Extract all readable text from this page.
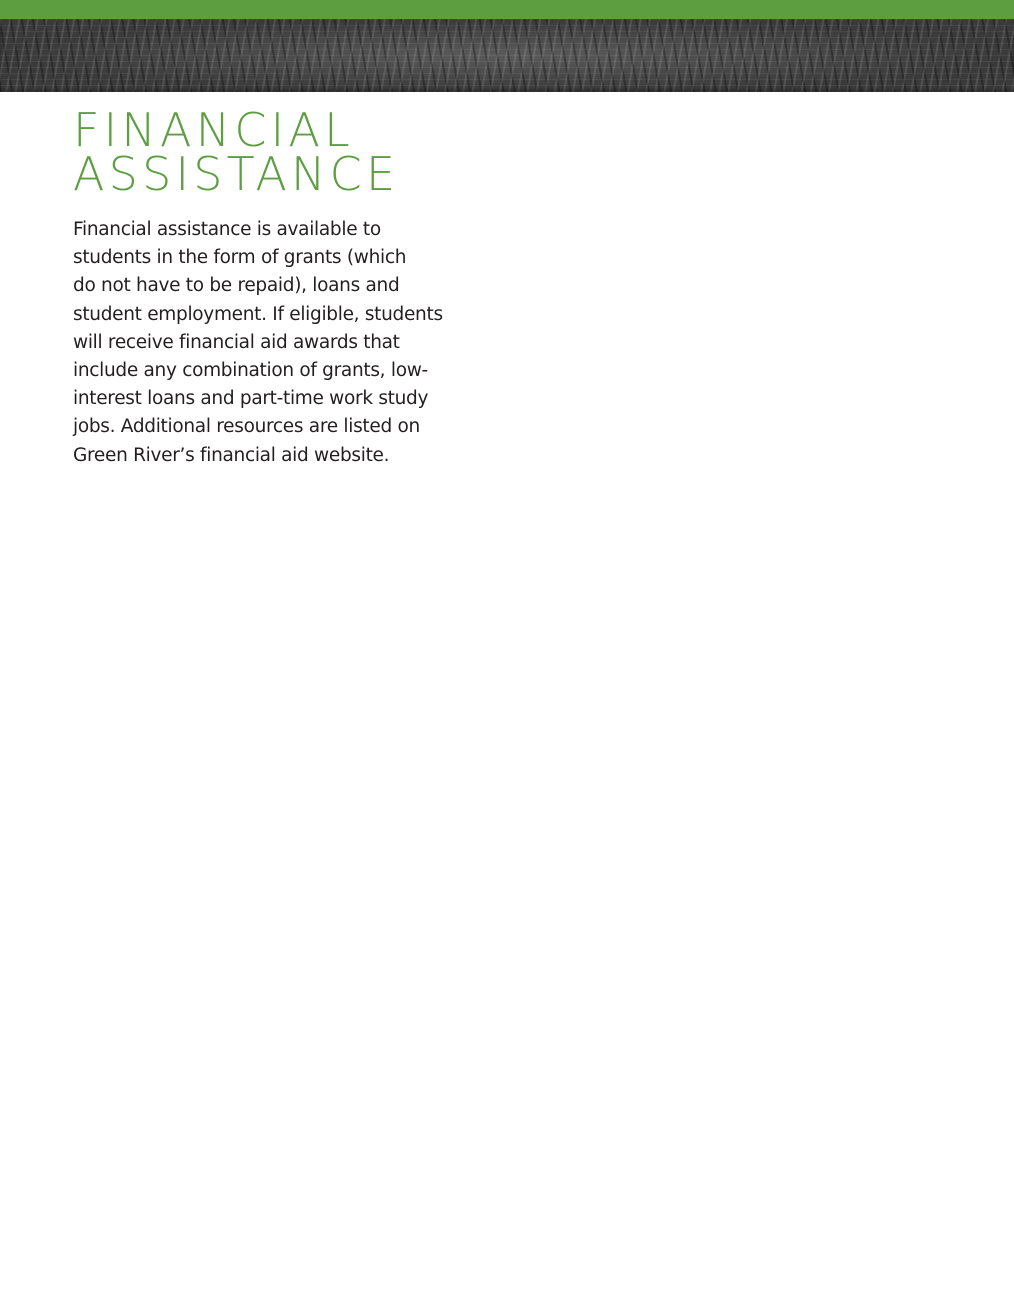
FINANCIAL
ASSISTANCE

Financial assistance is available to
students in the form of grants (which
do not have to be repaid), loans and
student employment. If eligible, students
will receive financial aid awards that
include any combination of grants, low-
interest loans and part-time work study
jobs. Additional resources are listed on
Green River’s financial aid website.
